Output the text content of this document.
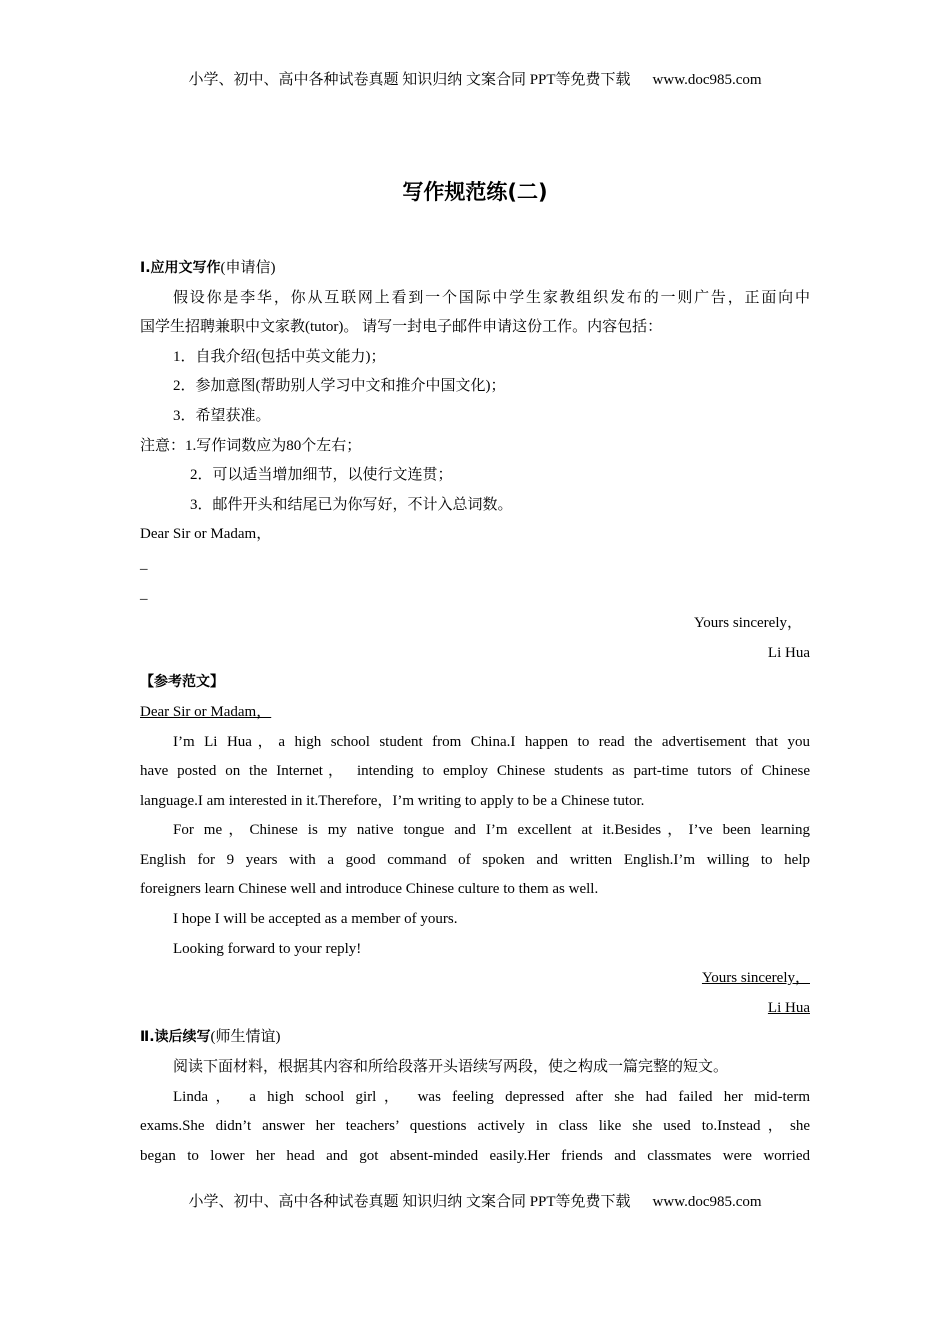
小学、初中、高中各种试卷真题 知识归纳 文案合同 PPT等免费下载 www.doc985.com
写作规范练(二)
Ⅰ.应用文写作(申请信)
假设你是李华，你从互联网上看到一个国际中学生家教组织发布的一则广告，正面向中
国学生招聘兼职中文家教(tutor)。 请写一封电子邮件申请这份工作。内容包括：
1．自我介绍(包括中英文能力)；
2．参加意图(帮助别人学习中文和推介中国文化)；
3．希望获准。
注意：1.写作词数应为80个左右；
2．可以适当增加细节，以使行文连贯；
3．邮件开头和结尾已为你写好，不计入总词数。
Dear Sir or Madam，
_
_
Yours sincerely，
Li Hua
【参考范文】
Dear Sir or Madam，
I’m Li Hua，a high school student from China.I happen to read the advertisement that you
have posted on the Internet， intending to employ Chinese students as part-time tutors of Chinese
language.I am interested in it.Therefore，I’m writing to apply to be a Chinese tutor.
For me，Chinese is my native tongue and I’m excellent at it.Besides，I’ve been learning
English for 9 years with a good command of spoken and written English.I’m willing to help
foreigners learn Chinese well and introduce Chinese culture to them as well.
I hope I will be accepted as a member of yours.
Looking forward to your reply!
Yours sincerely，
Li Hua
Ⅱ.读后续写(师生情谊)
阅读下面材料，根据其内容和所给段落开头语续写两段，使之构成一篇完整的短文。
Linda， a high school girl， was feeling depressed after she had failed her mid-term
exams.She didn’t answer her teachers’ questions actively in class like she used to.Instead，she
began to lower her head and got absent-minded easily.Her friends and classmates were worried
小学、初中、高中各种试卷真题 知识归纳 文案合同 PPT等免费下载 www.doc985.com
